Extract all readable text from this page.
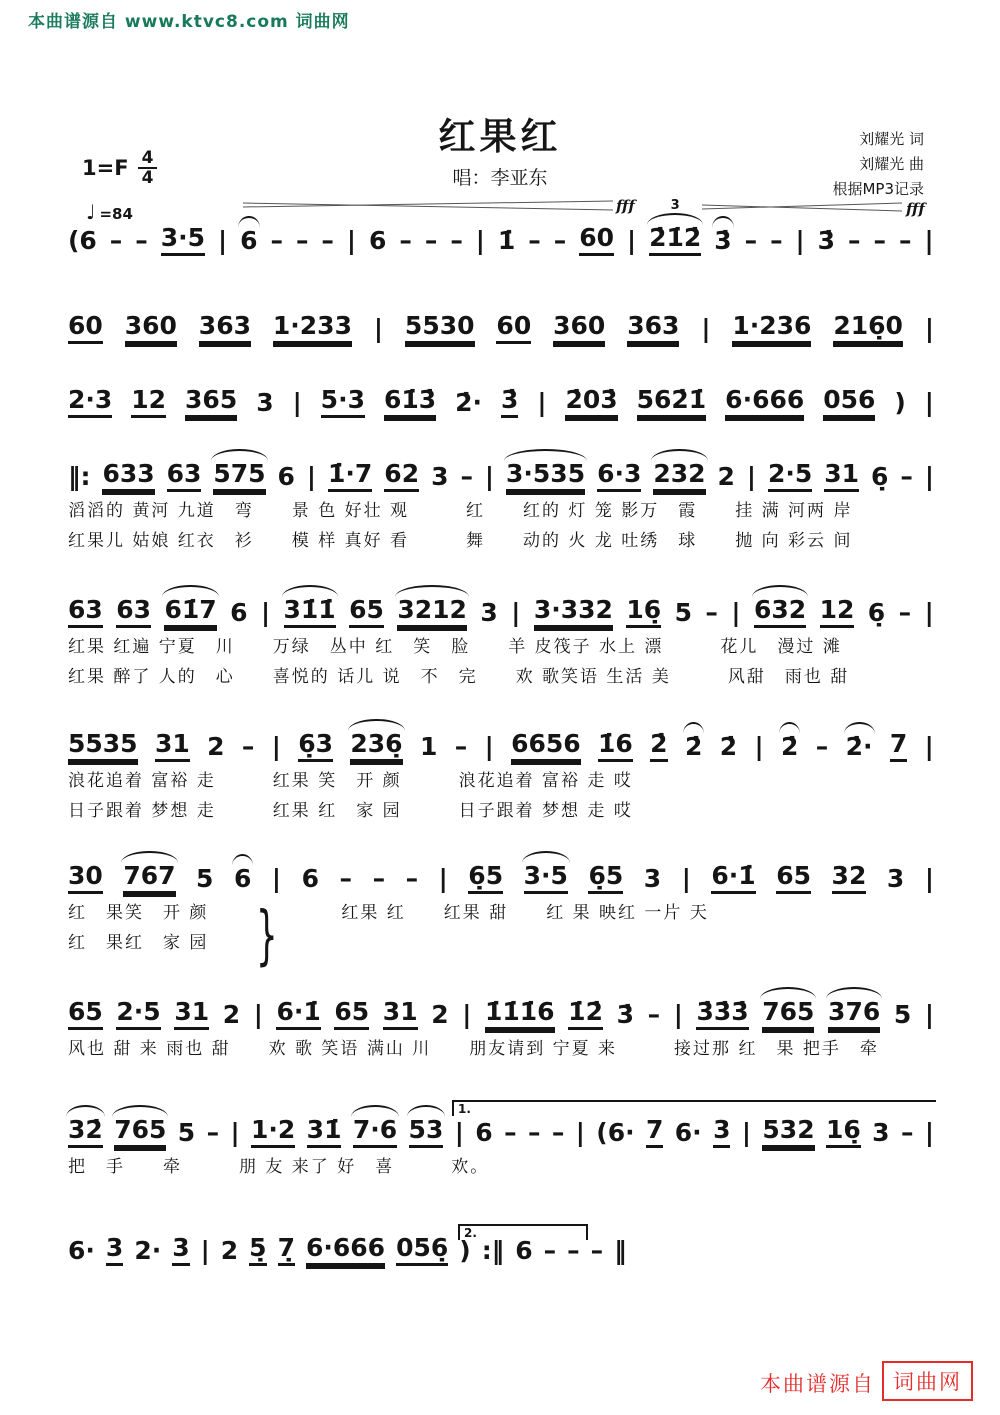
本曲谱源自 www.ktvc8.com 词曲网
红果红
唱：李亚东
刘耀光 词
刘耀光 曲
根据MP3记录
$1=F \frac{4}{4}$
♩ =84	fff	fff
(6 – – 3·5 | 6 – – – | 6 – – – | 1̇ – – 60 | 2̇1̇2̇
3
3̇ – – | 3̇ – – – |
60 360 363 1·233 | 5530 60 360 363 | 1·236 216̣0 |
2·3 12 365 3 | 5·3 61̇3̇ 2̇· 3̇ | 2̇03̇ 562̇1̇ 6·666 056 ) |
‖: 633 63 575 6 | 1̇·7 62 3 – | 3·535 6·3 232 2 | 2·5 31 6̣ – |
滔滔的 黄河 九道　弯　　景 色 好壮 观　　　红　　红的 灯 笼 影万　霞　　挂 满 河两 岸
红果儿 姑娘 红衣　衫　　模 样 真好 看　　　舞　　动的 火 龙 吐绣　球　　抛 向 彩云 间
63 63 61̇7 6 | 31̇1̇ 65 3212 3 | 3·332 16̣ 5 – | 632 12 6̣ – |
红果 红遍 宁夏　川　　万绿　丛中 红　笑　脸　　羊 皮筏子 水上 漂　　　花儿　漫过 滩
红果 醉了 人的　心　　喜悦的 话儿 说　不　完　　欢 歌笑语 生活 美　　　风甜　雨也 甜
5535 31 2 – | 6̣3 236̣ 1 – | 6656 1̇6 2̇ 2̇ 2̇ | 2̇ – 2̇· 7 |
浪花追着 富裕 走　　　红果 笑　开 颜　　　浪花追着 富裕 走 哎
日子跟着 梦想 走　　　红果 红　家 园　　　日子跟着 梦想 走 哎
30 767 5 6 | 6 – – – | 6̣5 3·5 6̣5 3 | 6·1̇ 65 32 3 |
红　果笑　开 颜　　　　　　　红果 红　　红果 甜　　红 果 映红 一片 天
红　果红　家 园
65 2·5 31 2 | 6·1̇ 65 31 2 | 1̇1̇1̇6 1̇2̇ 3̇ – | 3̇3̇3̇ 765 376 5 |
风也 甜 来 雨也 甜　　欢 歌 笑语 满山 川　　朋友请到 宁夏 来　　　接过那 红　果 把手　牵
32̇ 765 5 – | 1·2 31̇ 7·6 53 | 6 – – – | (6· 7 6· 3 | 532 16̣ 3 – |
把　手　　牵　　　朋 友 来了 好　喜　　　欢。
6· 3 2· 3 | 2 5̣ 7̣ 6·666 056̣ ) :‖ 6 – – – ‖
1.
2.
}
本曲谱源自 词曲网
